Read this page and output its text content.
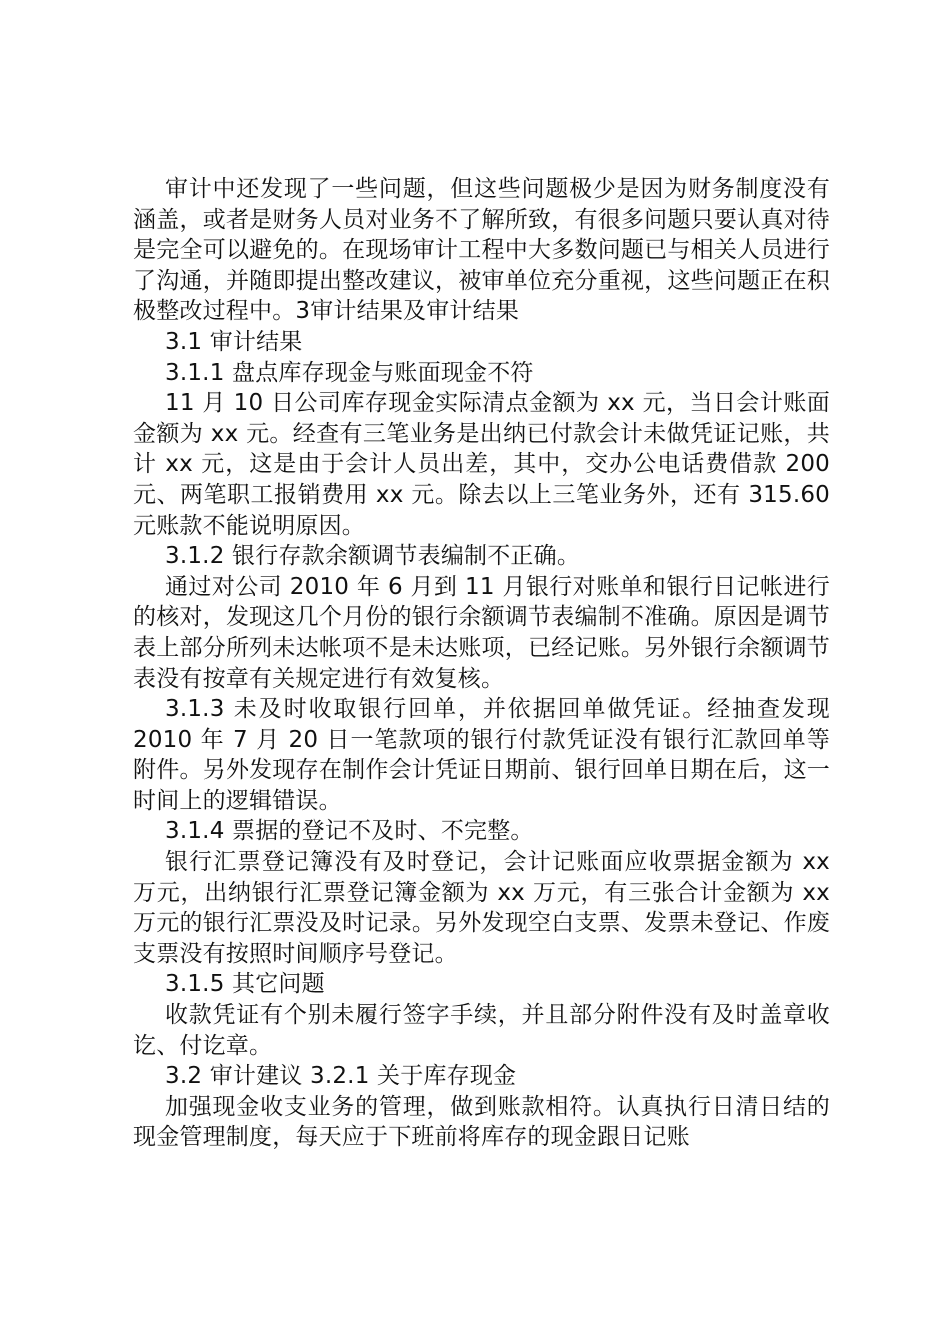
审计中还发现了一些问题，但这些问题极少是因为财务制度没有涵盖，或者是财务人员对业务不了解所致，有很多问题只要认真对待是完全可以避免的。在现场审计工程中大多数问题已与相关人员进行了沟通，并随即提出整改建议，被审单位充分重视，这些问题正在积极整改过程中。3审计结果及审计结果

3.1 审计结果

3.1.1 盘点库存现金与账面现金不符

11 月 10 日公司库存现金实际清点金额为 xx 元，当日会计账面金额为 xx 元。经查有三笔业务是出纳已付款会计未做凭证记账，共计 xx 元，这是由于会计人员出差，其中，交办公电话费借款 200 元、两笔职工报销费用 xx 元。除去以上三笔业务外，还有 315.60 元账款不能说明原因。

3.1.2 银行存款余额调节表编制不正确。

通过对公司 2010 年 6 月到 11 月银行对账单和银行日记帐进行的核对，发现这几个月份的银行余额调节表编制不准确。原因是调节表上部分所列未达帐项不是未达账项，已经记账。另外银行余额调节表没有按章有关规定进行有效复核。

3.1.3 未及时收取银行回单，并依据回单做凭证。经抽查发现 2010 年 7 月 20 日一笔款项的银行付款凭证没有银行汇款回单等附件。另外发现存在制作会计凭证日期前、银行回单日期在后，这一时间上的逻辑错误。

3.1.4 票据的登记不及时、不完整。

银行汇票登记簿没有及时登记，会计记账面应收票据金额为 xx 万元，出纳银行汇票登记簿金额为 xx 万元，有三张合计金额为 xx 万元的银行汇票没及时记录。另外发现空白支票、发票未登记、作废支票没有按照时间顺序号登记。

3.1.5 其它问题

收款凭证有个别未履行签字手续，并且部分附件没有及时盖章收讫、付讫章。

3.2 审计建议 3.2.1 关于库存现金

加强现金收支业务的管理，做到账款相符。认真执行日清日结的现金管理制度，每天应于下班前将库存的现金跟日记账
